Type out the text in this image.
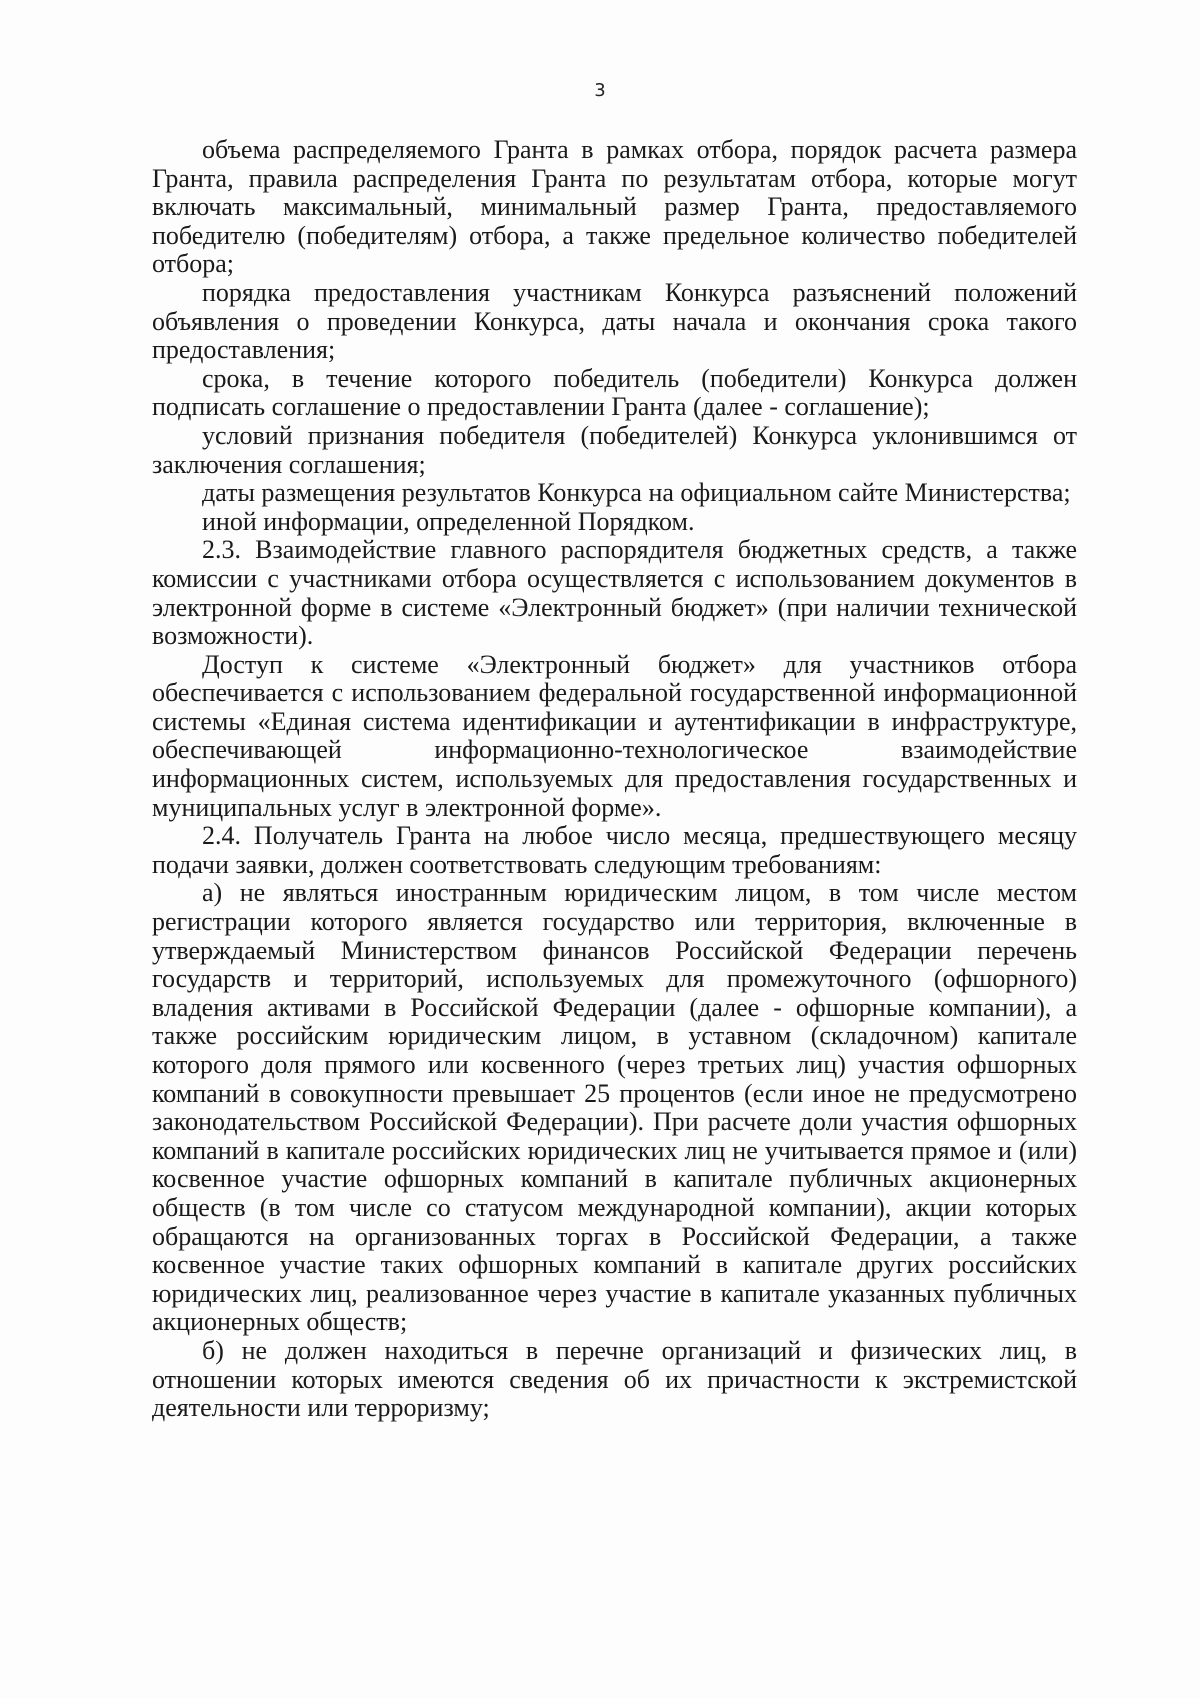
3

объема распределяемого Гранта в рамках отбора, порядок расчета размера Гранта, правила распределения Гранта по результатам отбора, которые могут включать максимальный, минимальный размер Гранта, предоставляемого победителю (победителям) отбора, а также предельное количество победителей отбора;

порядка предоставления участникам Конкурса разъяснений положений объявления о проведении Конкурса, даты начала и окончания срока такого предоставления;

срока, в течение которого победитель (победители) Конкурса должен подписать соглашение о предоставлении Гранта (далее - соглашение);

условий признания победителя (победителей) Конкурса уклонившимся от заключения соглашения;

даты размещения результатов Конкурса на официальном сайте Министерства;

иной информации, определенной Порядком.

2.3. Взаимодействие главного распорядителя бюджетных средств, а также комиссии с участниками отбора осуществляется с использованием документов в электронной форме в системе «Электронный бюджет» (при наличии технической возможности).

Доступ к системе «Электронный бюджет» для участников отбора обеспечивается с использованием федеральной государственной информационной системы «Единая система идентификации и аутентификации в инфраструктуре, обеспечивающей информационно-технологическое взаимодействие информационных систем, используемых для предоставления государственных и муниципальных услуг в электронной форме».

2.4. Получатель Гранта на любое число месяца, предшествующего месяцу подачи заявки, должен соответствовать следующим требованиям:

а) не являться иностранным юридическим лицом, в том числе местом регистрации которого является государство или территория, включенные в утверждаемый Министерством финансов Российской Федерации перечень государств и территорий, используемых для промежуточного (офшорного) владения активами в Российской Федерации (далее - офшорные компании), а также российским юридическим лицом, в уставном (складочном) капитале которого доля прямого или косвенного (через третьих лиц) участия офшорных компаний в совокупности превышает 25 процентов (если иное не предусмотрено законодательством Российской Федерации). При расчете доли участия офшорных компаний в капитале российских юридических лиц не учитывается прямое и (или) косвенное участие офшорных компаний в капитале публичных акционерных обществ (в том числе со статусом международной компании), акции которых обращаются на организованных торгах в Российской Федерации, а также косвенное участие таких офшорных компаний в капитале других российских юридических лиц, реализованное через участие в капитале указанных публичных акционерных обществ;

б) не должен находиться в перечне организаций и физических лиц, в отношении которых имеются сведения об их причастности к экстремистской деятельности или терроризму;
